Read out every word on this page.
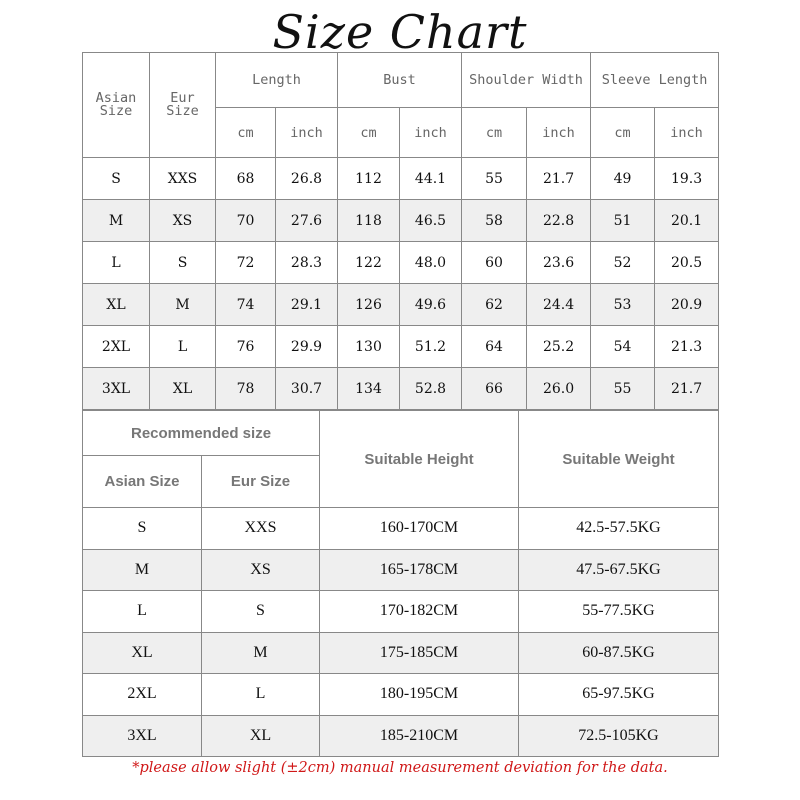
Size Chart
Asian Size	Eur Size	Length		Bust		Shoulder Width		Sleeve Length	
		cm	inch	cm	inch	cm	inch	cm	inch
S	XXS	68	26.8	112	44.1	55	21.7	49	19.3
M	XS	70	27.6	118	46.5	58	22.8	51	20.1
L	S	72	28.3	122	48.0	60	23.6	52	20.5
XL	M	74	29.1	126	49.6	62	24.4	53	20.9
2XL	L	76	29.9	130	51.2	64	25.2	54	21.3
3XL	XL	78	30.7	134	52.8	66	26.0	55	21.7
Recommended size		Suitable Height	Suitable Weight
Asian Size	Eur Size		
S	XXS	160-170CM	42.5-57.5KG
M	XS	165-178CM	47.5-67.5KG
L	S	170-182CM	55-77.5KG
XL	M	175-185CM	60-87.5KG
2XL	L	180-195CM	65-97.5KG
3XL	XL	185-210CM	72.5-105KG
*please allow slight (±2cm) manual measurement deviation for the data.
